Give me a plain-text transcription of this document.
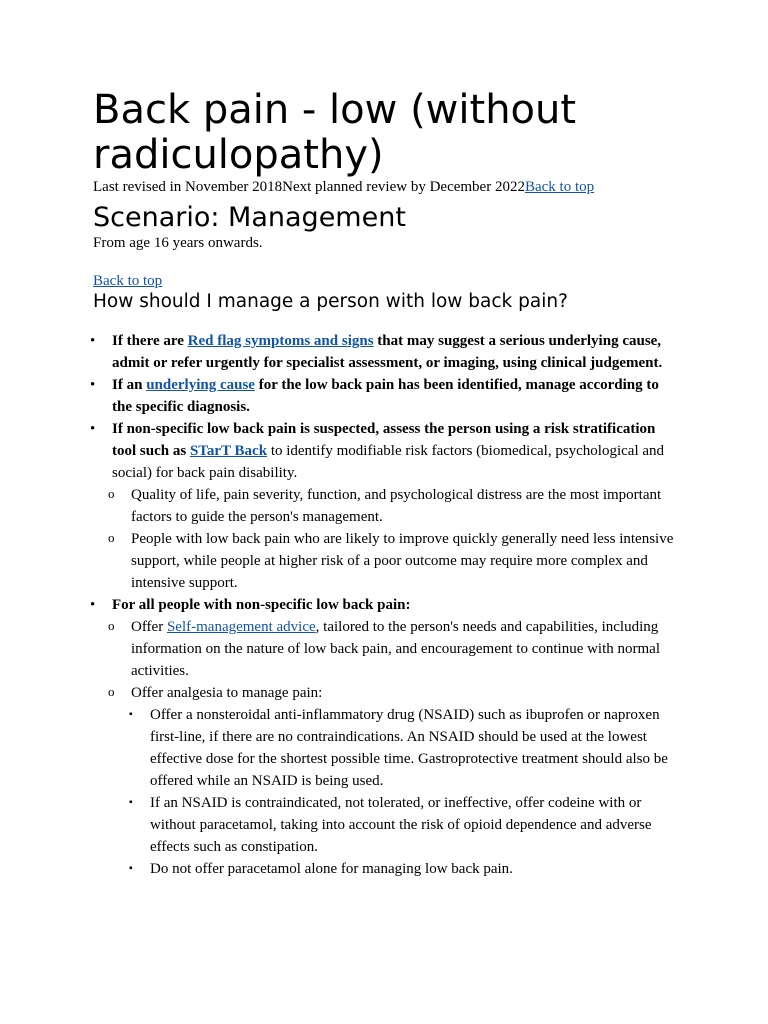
Back pain - low (without radiculopathy)

Last revised in November 2018Next planned review by December 2022Back to top

Scenario: Management

From age 16 years onwards.

Back to top

How should I manage a person with low back pain?
• If there are Red flag symptoms and signs that may suggest a serious underlying cause, admit or refer urgently for specialist assessment, or imaging, using clinical judgement.
• If an underlying cause for the low back pain has been identified, manage according to the specific diagnosis.
• If non-specific low back pain is suspected, assess the person using a risk stratification tool such as STarT Back to identify modifiable risk factors (biomedical, psychological and social) for back pain disability.
o Quality of life, pain severity, function, and psychological distress are the most important factors to guide the person's management.
o People with low back pain who are likely to improve quickly generally need less intensive support, while people at higher risk of a poor outcome may require more complex and intensive support.
• For all people with non-specific low back pain:
o Offer Self-management advice, tailored to the person's needs and capabilities, including information on the nature of low back pain, and encouragement to continue with normal activities.
o Offer analgesia to manage pain:
▪ Offer a nonsteroidal anti-inflammatory drug (NSAID) such as ibuprofen or naproxen first-line, if there are no contraindications. An NSAID should be used at the lowest effective dose for the shortest possible time. Gastroprotective treatment should also be offered while an NSAID is being used.
▪ If an NSAID is contraindicated, not tolerated, or ineffective, offer codeine with or without paracetamol, taking into account the risk of opioid dependence and adverse effects such as constipation.
▪ Do not offer paracetamol alone for managing low back pain.
